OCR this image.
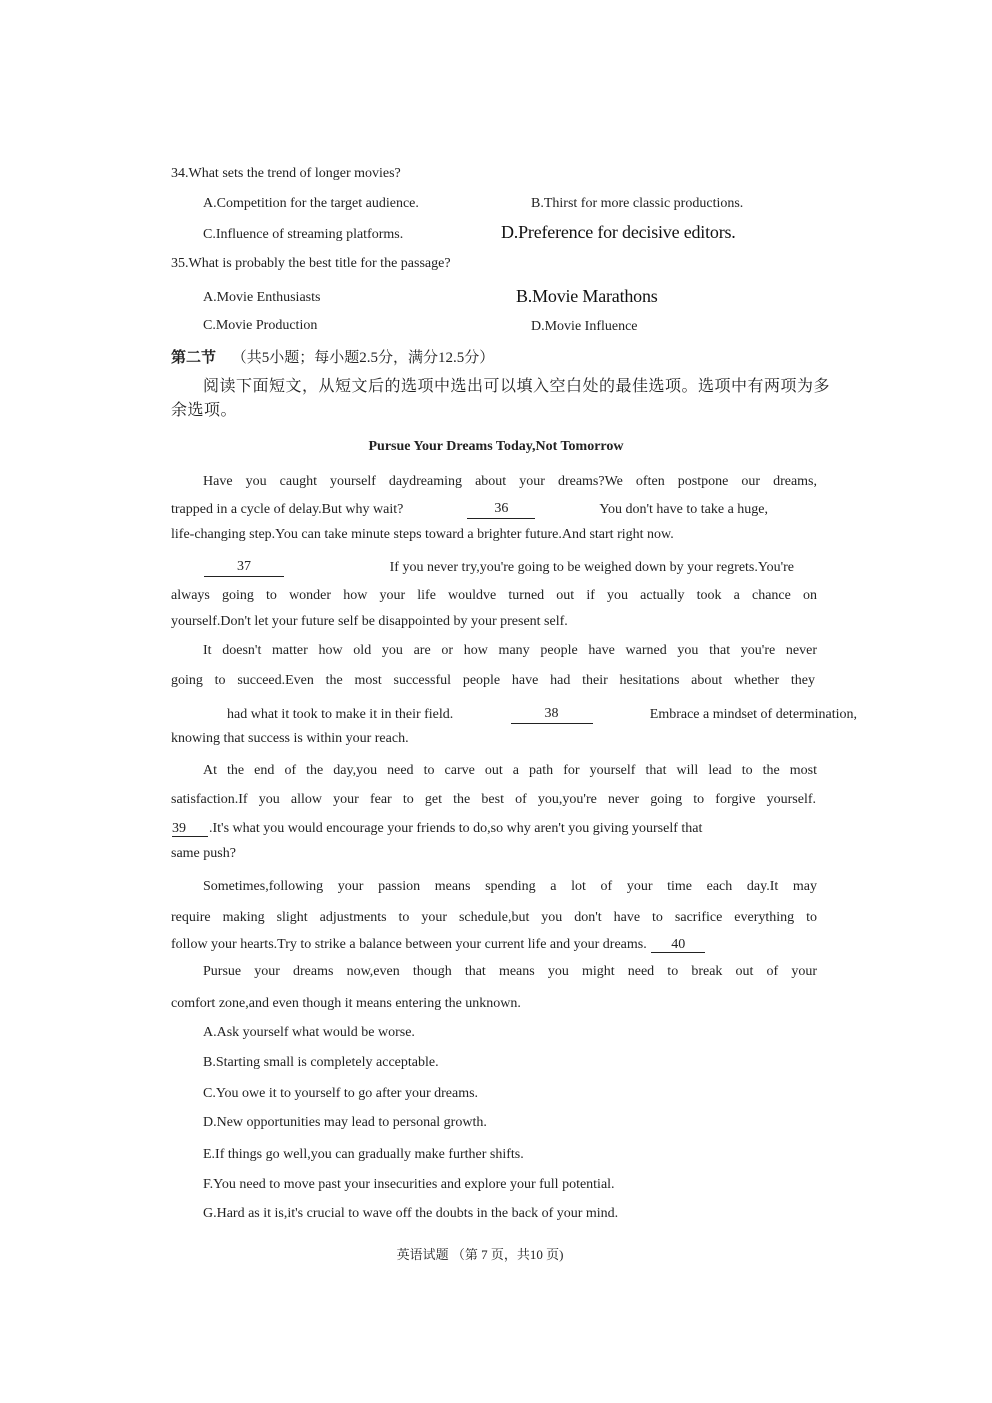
34.What sets the trend of longer movies?
A.Competition for the target audience.	B.Thirst for more classic productions.
C.Influence of streaming platforms.	D.Preference for decisive editors.
35.What is probably the best title for the passage?
A.Movie Enthusiasts	B.Movie Marathons
C.Movie Production	D.Movie Influence
第二节 （共5小题；每小题2.5分，满分12.5分）
阅读下面短文，从短文后的选项中选出可以填入空白处的最佳选项。选项中有两项为多
余选项。
Pursue Your Dreams Today,Not Tomorrow
Have you caught yourself daydreaming about your dreams?We often postpone our dreams,
trapped in a cycle of delay.But why wait?	36	You don't have to take a huge,
life-changing step.You can take minute steps toward a brighter future.And start right now.
37	If you never try,you're going to be weighed down by your regrets.You're
always going to wonder how your life wouldve turned out if you actually took a chance on
yourself.Don't let your future self be disappointed by your present self.
It doesn't matter how old you are or how many people have warned you that you're never
going to succeed.Even the most successful people have had their hesitations about whether they
had what it took to make it in their field.	38	Embrace a mindset of determination,
knowing that success is within your reach.
At the end of the day,you need to carve out a path for yourself that will lead to the most
satisfaction.If you allow your fear to get the best of you,you're never going to forgive yourself.
39 .It's what you would encourage your friends to do,so why aren't you giving yourself that
same push?
Sometimes,following your passion means spending a lot of your time each day.It may
require making slight adjustments to your schedule,but you don't have to sacrifice everything to
follow your hearts.Try to strike a balance between your current life and your dreams. 40
Pursue your dreams now,even though that means you might need to break out of your
comfort zone,and even though it means entering the unknown.
A.Ask yourself what would be worse.
B.Starting small is completely acceptable.
C.You owe it to yourself to go after your dreams.
D.New opportunities may lead to personal growth.
E.If things go well,you can gradually make further shifts.
F.You need to move past your insecurities and explore your full potential.
G.Hard as it is,it's crucial to wave off the doubts in the back of your mind.
英语试题 （第 7 页，共10 页)
